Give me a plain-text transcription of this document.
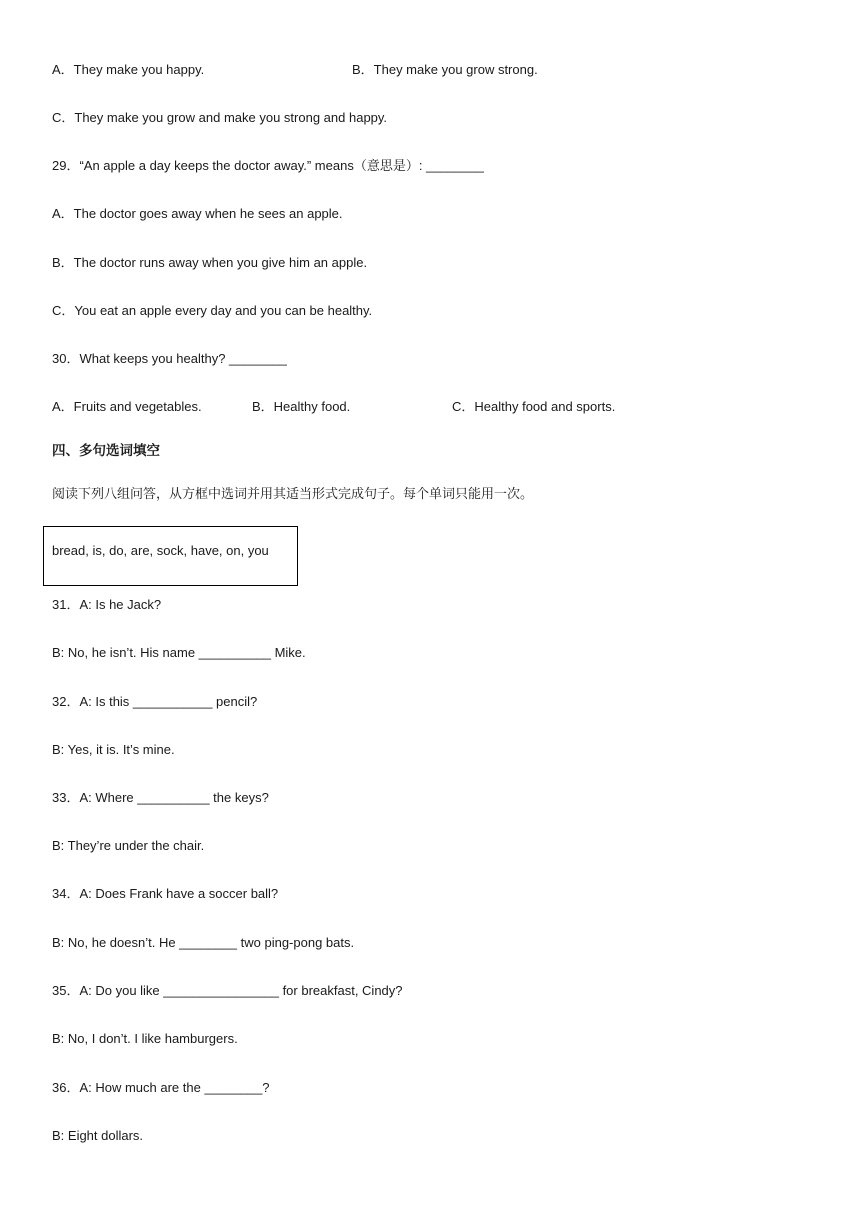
A．They make you happy.	B．They make you grow strong.
C．They make you grow and make you strong and happy.
29．“An apple a day keeps the doctor away.” means（意思是）: ________
A．The doctor goes away when he sees an apple.
B．The doctor runs away when you give him an apple.
C．You eat an apple every day and you can be healthy.
30．What keeps you healthy? ________
A．Fruits and vegetables.	B．Healthy food.	C．Healthy food and sports.
四、多句选词填空
阅读下列八组问答，从方框中选词并用其适当形式完成句子。每个单词只能用一次。
bread, is, do, are, sock, have, on, you
31．A: Is he Jack?
B: No, he isn’t. His name __________ Mike.
32．A: Is this ___________ pencil?
B: Yes, it is. It’s mine.
33．A: Where __________ the keys?
B: They’re under the chair.
34．A: Does Frank have a soccer ball?
B: No, he doesn’t. He ________ two ping-pong bats.
35．A: Do you like ________________ for breakfast, Cindy?
B: No, I don’t. I like hamburgers.
36．A: How much are the ________?
B: Eight dollars.
